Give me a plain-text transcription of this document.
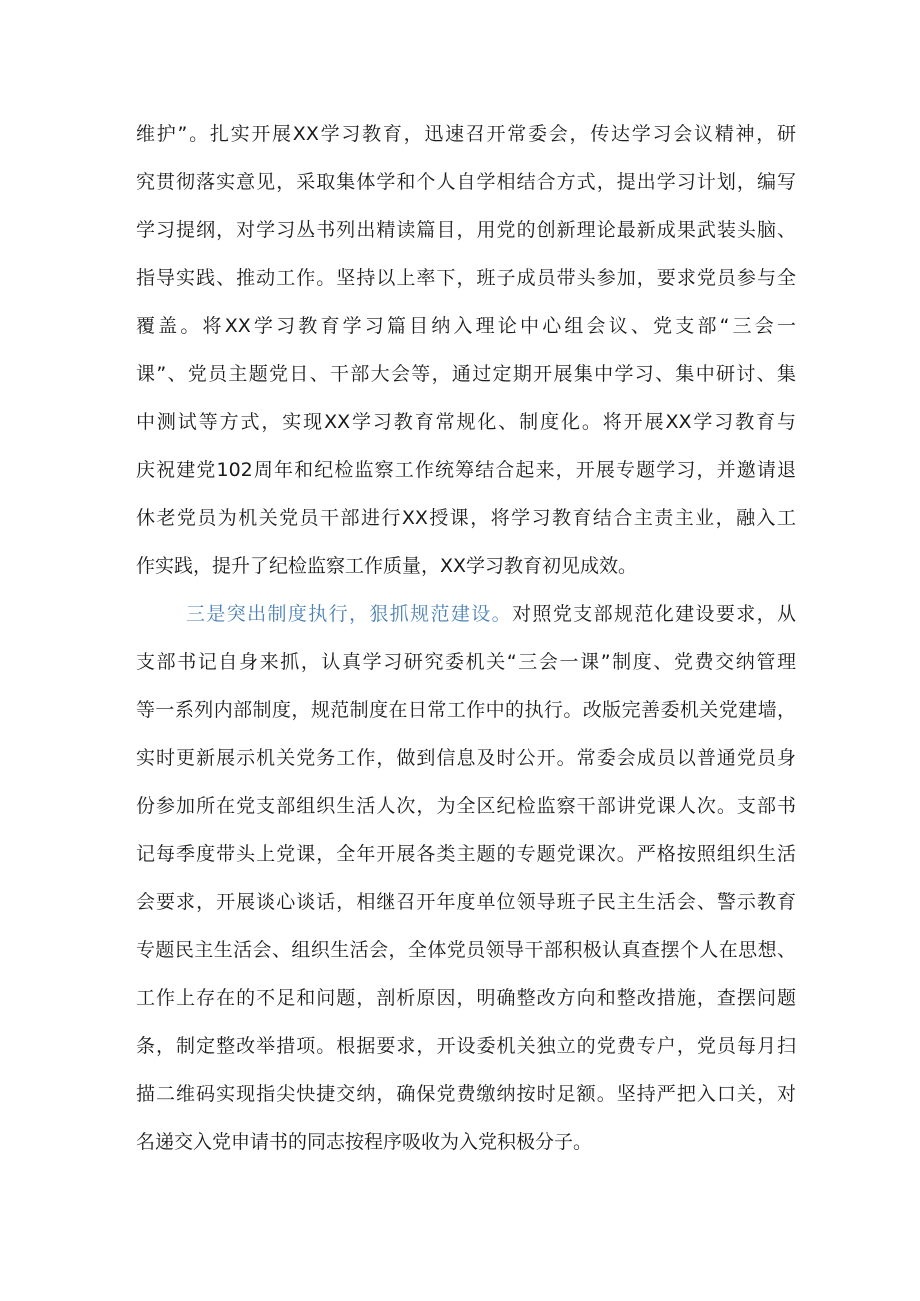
维护”。扎实开展XX学习教育，迅速召开常委会，传达学习会议精神，研
究贯彻落实意见，采取集体学和个人自学相结合方式，提出学习计划，编写
学习提纲，对学习丛书列出精读篇目，用党的创新理论最新成果武装头脑、
指导实践、推动工作。坚持以上率下，班子成员带头参加，要求党员参与全
覆盖。将XX学习教育学习篇目纳入理论中心组会议、党支部“三会一
课”、党员主题党日、干部大会等，通过定期开展集中学习、集中研讨、集
中测试等方式，实现XX学习教育常规化、制度化。将开展XX学习教育与
庆祝建党102周年和纪检监察工作统筹结合起来，开展专题学习，并邀请退
休老党员为机关党员干部进行XX授课，将学习教育结合主责主业，融入工
作实践，提升了纪检监察工作质量，XX学习教育初见成效。
三是突出制度执行，狠抓规范建设。对照党支部规范化建设要求，从
支部书记自身来抓，认真学习研究委机关“三会一课”制度、党费交纳管理
等一系列内部制度，规范制度在日常工作中的执行。改版完善委机关党建墙，
实时更新展示机关党务工作，做到信息及时公开。常委会成员以普通党员身
份参加所在党支部组织生活人次，为全区纪检监察干部讲党课人次。支部书
记每季度带头上党课，全年开展各类主题的专题党课次。严格按照组织生活
会要求，开展谈心谈话，相继召开年度单位领导班子民主生活会、警示教育
专题民主生活会、组织生活会，全体党员领导干部积极认真查摆个人在思想、
工作上存在的不足和问题，剖析原因，明确整改方向和整改措施，查摆问题
条，制定整改举措项。根据要求，开设委机关独立的党费专户，党员每月扫
描二维码实现指尖快捷交纳，确保党费缴纳按时足额。坚持严把入口关，对
名递交入党申请书的同志按程序吸收为入党积极分子。
